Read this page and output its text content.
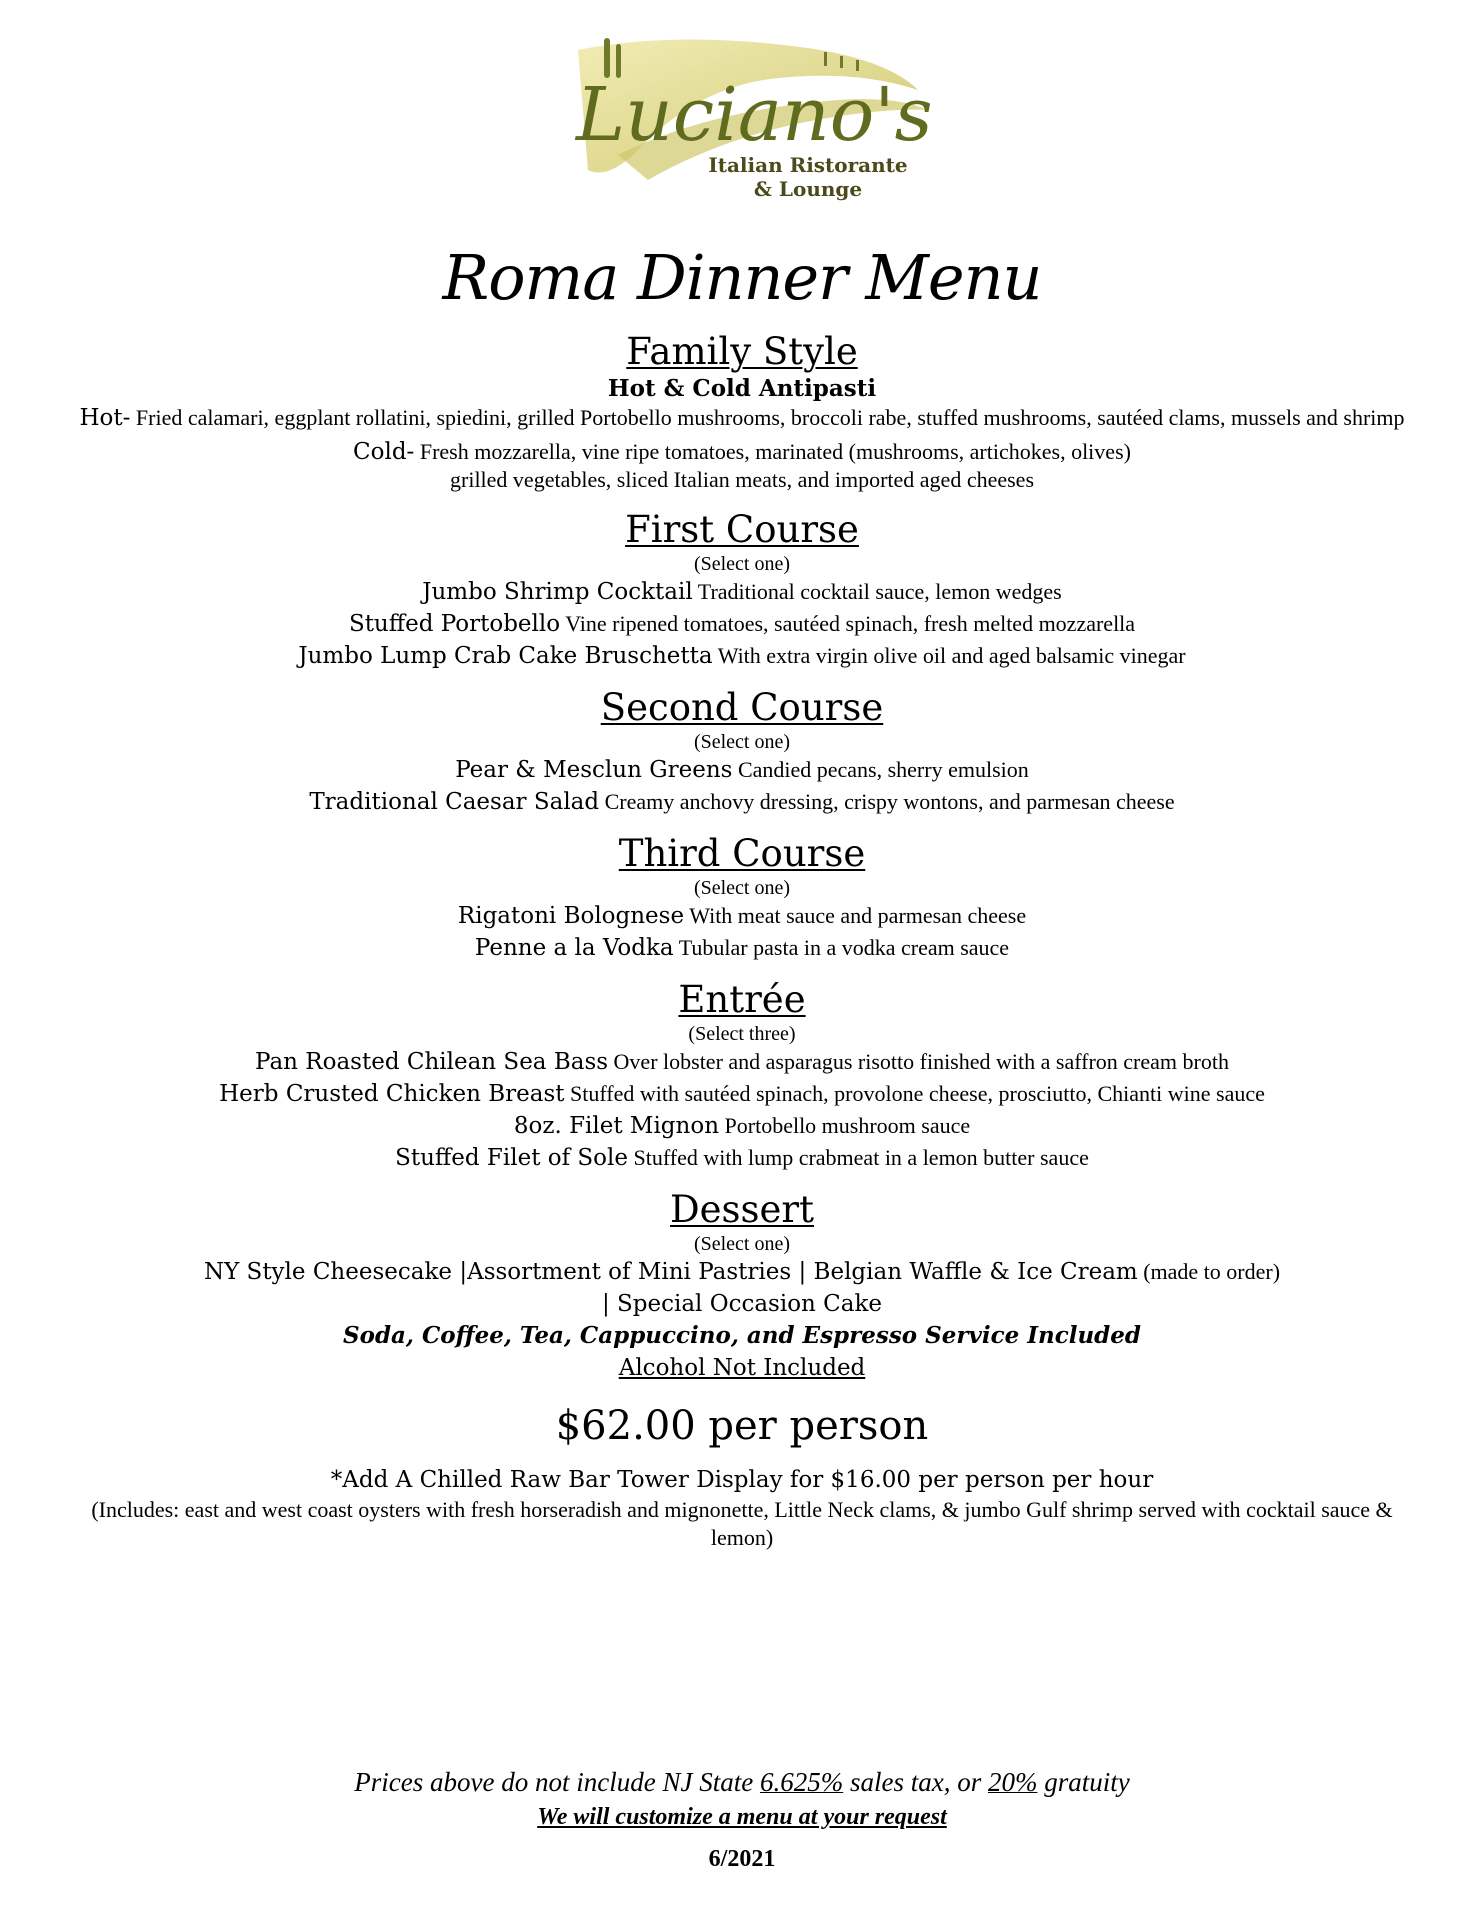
Luciano's
Italian Ristorante
& Lounge
Roma Dinner Menu
Family Style
Hot & Cold Antipasti
Hot- Fried calamari, eggplant rollatini, spiedini, grilled Portobello mushrooms, broccoli rabe, stuffed mushrooms, sautéed clams, mussels and shrimp
Cold- Fresh mozzarella, vine ripe tomatoes, marinated (mushrooms, artichokes, olives)
grilled vegetables, sliced Italian meats, and imported aged cheeses
First Course
(Select one)
Jumbo Shrimp Cocktail Traditional cocktail sauce, lemon wedges
Stuffed Portobello Vine ripened tomatoes, sautéed spinach, fresh melted mozzarella
Jumbo Lump Crab Cake Bruschetta With extra virgin olive oil and aged balsamic vinegar
Second Course
(Select one)
Pear & Mesclun Greens Candied pecans, sherry emulsion
Traditional Caesar Salad Creamy anchovy dressing, crispy wontons, and parmesan cheese
Third Course
(Select one)
Rigatoni Bolognese With meat sauce and parmesan cheese
Penne a la Vodka Tubular pasta in a vodka cream sauce
Entrée
(Select three)
Pan Roasted Chilean Sea Bass Over lobster and asparagus risotto finished with a saffron cream broth
Herb Crusted Chicken Breast Stuffed with sautéed spinach, provolone cheese, prosciutto, Chianti wine sauce
8oz. Filet Mignon Portobello mushroom sauce
Stuffed Filet of Sole Stuffed with lump crabmeat in a lemon butter sauce
Dessert
(Select one)
NY Style Cheesecake |Assortment of Mini Pastries | Belgian Waffle & Ice Cream (made to order)
| Special Occasion Cake
Soda, Coffee, Tea, Cappuccino, and Espresso Service Included
Alcohol Not Included
$62.00 per person
*Add A Chilled Raw Bar Tower Display for $16.00 per person per hour
(Includes: east and west coast oysters with fresh horseradish and mignonette, Little Neck clams, & jumbo Gulf shrimp served with cocktail sauce & lemon)
Prices above do not include NJ State 6.625% sales tax, or 20% gratuity
We will customize a menu at your request
6/2021
